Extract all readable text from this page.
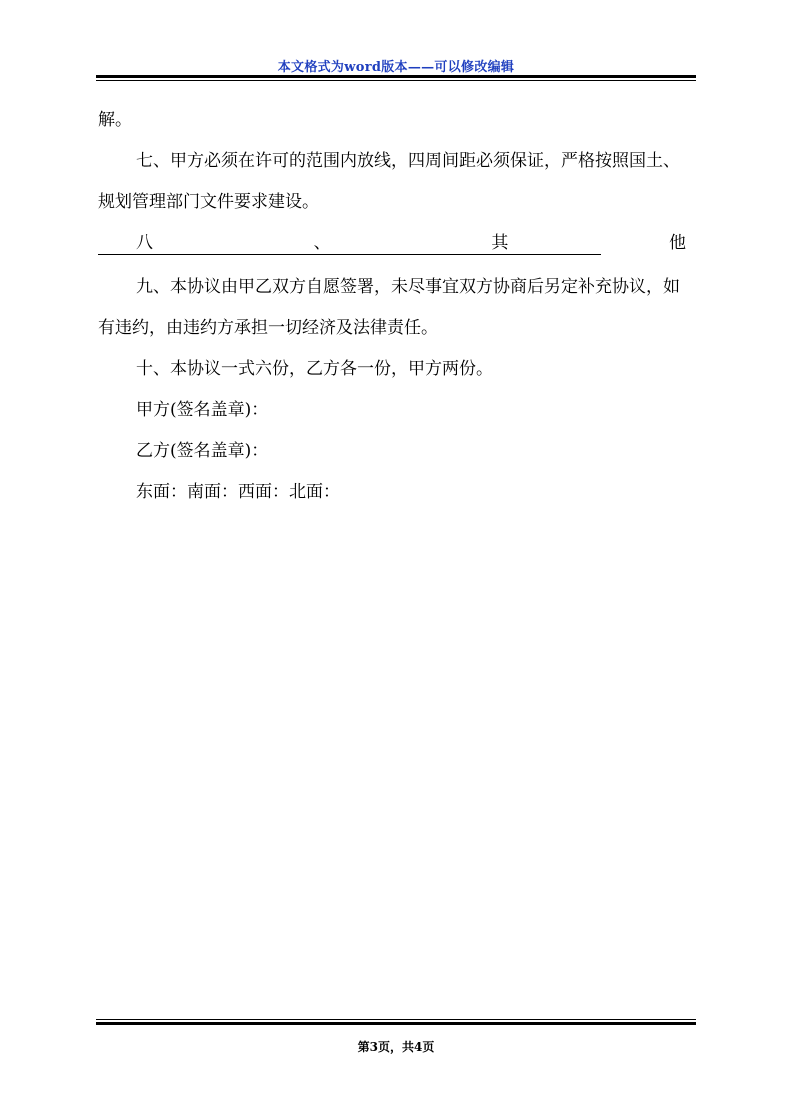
本文格式为word版本——可以修改编辑

解。

七、甲方必须在许可的范围内放线，四周间距必须保证，严格按照国土、规划管理部门文件要求建设。

八	、	其	他

九、本协议由甲乙双方自愿签署，未尽事宜双方协商后另定补充协议，如有违约，由违约方承担一切经济及法律责任。

十、本协议一式六份，乙方各一份，甲方两份。

甲方(签名盖章)：

乙方(签名盖章)：

东面：南面：西面：北面：

第3页，共4页
